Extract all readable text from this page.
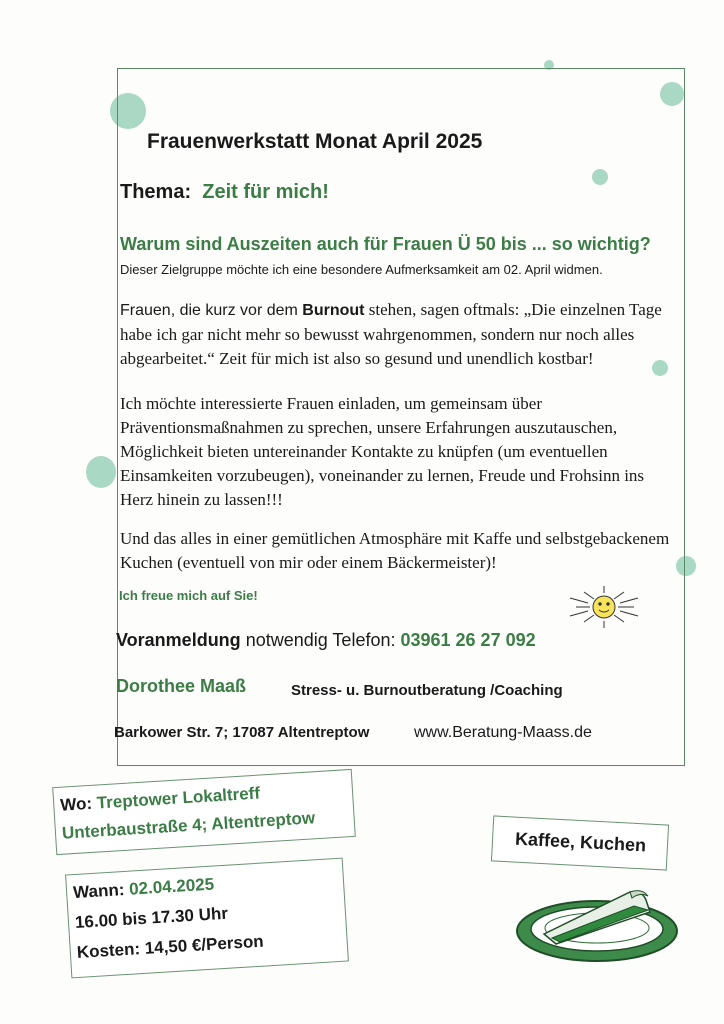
Frauenwerkstatt Monat April 2025
Thema: Zeit für mich!
Warum sind Auszeiten auch für Frauen Ü 50 bis ... so wichtig?
Dieser Zielgruppe möchte ich eine besondere Aufmerksamkeit am 02. April widmen.
Frauen, die kurz vor dem Burnout stehen, sagen oftmals: „Die einzelnen Tage habe ich gar nicht mehr so bewusst wahrgenommen, sondern nur noch alles abgearbeitet.“ Zeit für mich ist also so gesund und unendlich kostbar!
Ich möchte interessierte Frauen einladen, um gemeinsam über Präventionsmaßnahmen zu sprechen, unsere Erfahrungen auszutauschen, Möglichkeit bieten untereinander Kontakte zu knüpfen (um eventuellen Einsamkeiten vorzubeugen), voneinander zu lernen, Freude und Frohsinn ins Herz hinein zu lassen!!!
Und das alles in einer gemütlichen Atmosphäre mit Kaffe und selbstgebackenem Kuchen (eventuell von mir oder einem Bäckermeister)!
Ich freue mich auf Sie!
Voranmeldung notwendig Telefon: 03961 26 27 092
Dorothee Maaß	Stress- u. Burnoutberatung /Coaching
Barkower Str. 7; 17087 Altentreptow	www.Beratung-Maass.de
Wo: Treptower Lokaltreff
Unterbaustraße 4; Altentreptow	Kaffee, Kuchen
Wann: 02.04.2025
16.00 bis 17.30 Uhr
Kosten: 14,50 €/Person
